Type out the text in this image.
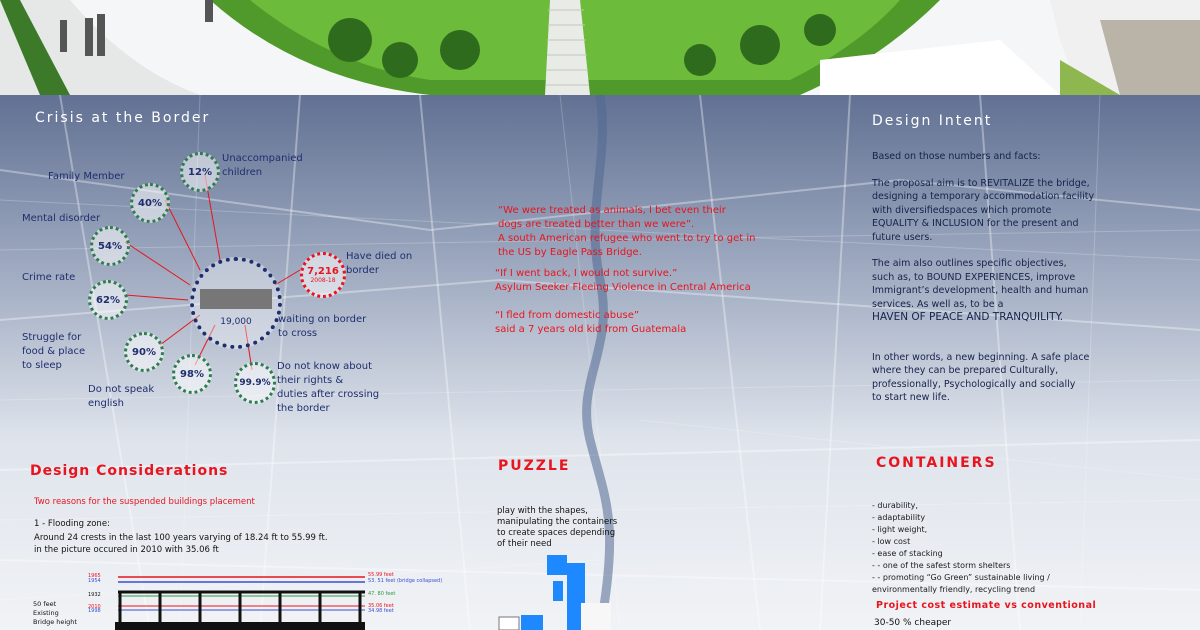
Crisis at the Border
19,000	waiting on border
to cross
12%
Unaccompanied
children
40%
Family Member
54%
Mental disorder
62%
Crime rate
90%
Struggle for
food & place
to sleep
98%
Do not speak
english
99.9%
Do not know about
their rights &
duties after crossing
the border
7,216
2008-18
Have died on
border
“We were treated as animals, I bet even their
dogs are treated better than we were”.
A south American refugee who went to try to get in
the US by Eagle Pass Bridge.
“If I went back, I would not survive.”
Asylum Seeker Fleeing Violence in Central America
“I fled from domestic abuse”
said a 7 years old kid from Guatemala
Design Intent

Based on those numbers and facts:

The proposal aim is to REVITALIZE the bridge,
designing a temporary accommodation facility
with diversifiedspaces which promote
EQUALITY & INCLUSION for the present and
future users.
The aim also outlines specific objectives,
such as, to BOUND EXPERIENCES, improve
Immigrant’s development, health and human
services. As well as, to be a
HAVEN OF PEACE AND TRANQUILITY.
In other words, a new beginning. A safe place
where they can be prepared Culturally,
professionally, Psychologically and socially
to start new life.
Design Considerations
Two reasons for the suspended buildings placement
1 - Flooding zone:
Around 24 crests in the last 100 years varying of 18.24 ft to 55.99 ft.
in the picture occured in 2010 with 35.06 ft
1965
1954
1932
2010
1998
55.99 feet
53. 51 feet (bridge collapsed)
47. 80 feet
35.06 feet
34.98 feet
50 feet
Existing
Bridge height
PUZZLE
play with the shapes,
manipulating the containers
to create spaces depending
of their need
CONTAINERS
- durability,
- adaptability
- light weight,
- low cost
- ease of stacking
- - one of the safest storm shelters
- - promoting “Go Green” sustainable living /
environmentally friendly, recycling trend
Project cost estimate vs conventional
30-50 % cheaper
